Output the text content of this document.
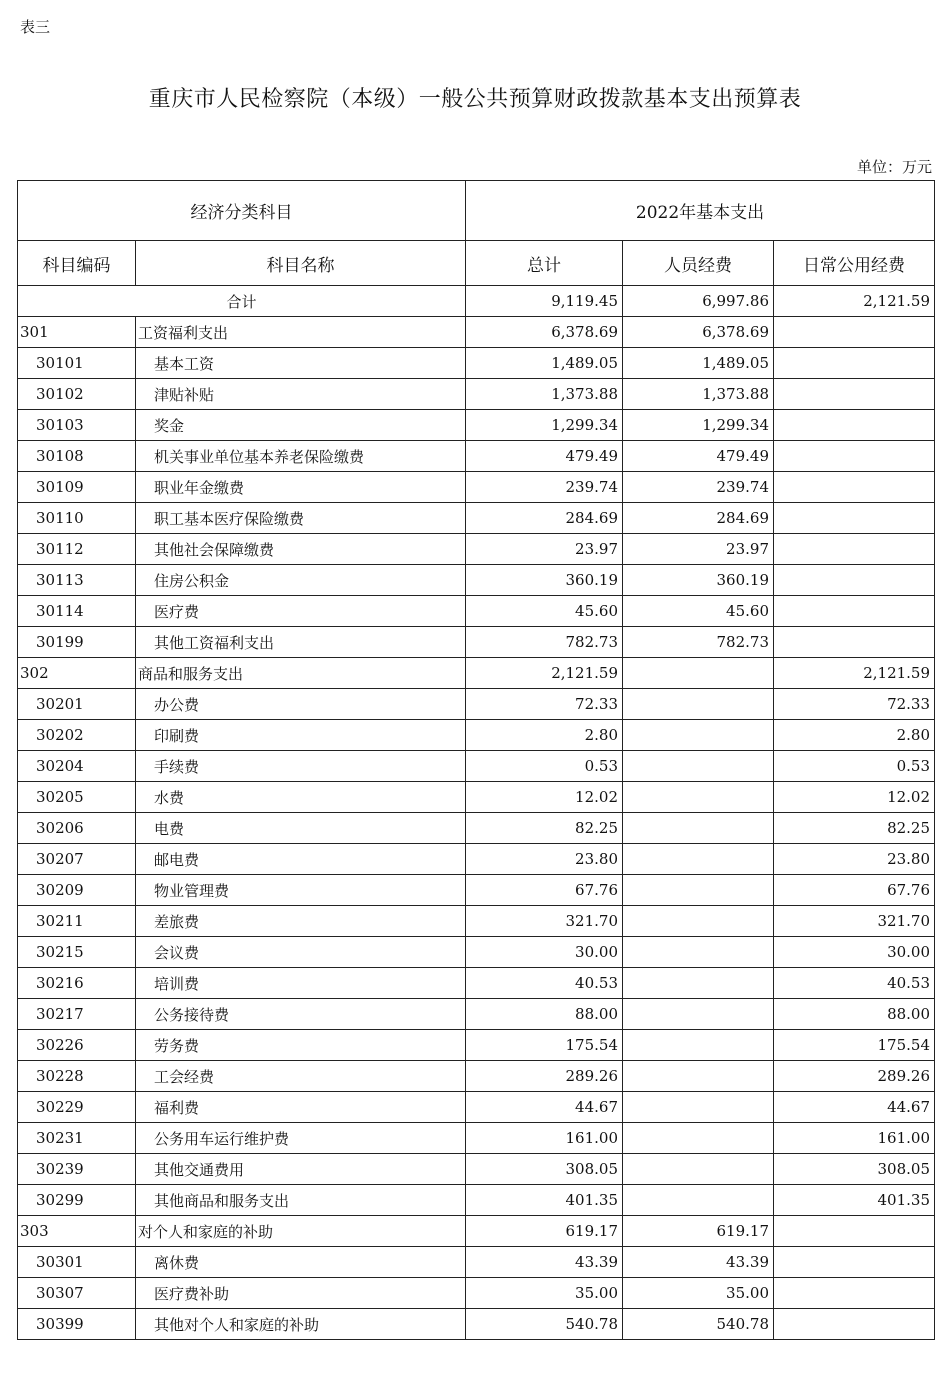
表三
重庆市人民检察院（本级）一般公共预算财政拨款基本支出预算表
单位：万元
经济分类科目		2022年基本支出		
科目编码	科目名称	总计	人员经费	日常公用经费
合计		9,119.45	6,997.86	2,121.59
301	工资福利支出	6,378.69	6,378.69	
30101	基本工资	1,489.05	1,489.05	
30102	津贴补贴	1,373.88	1,373.88	
30103	奖金	1,299.34	1,299.34	
30108	机关事业单位基本养老保险缴费	479.49	479.49	
30109	职业年金缴费	239.74	239.74	
30110	职工基本医疗保险缴费	284.69	284.69	
30112	其他社会保障缴费	23.97	23.97	
30113	住房公积金	360.19	360.19	
30114	医疗费	45.60	45.60	
30199	其他工资福利支出	782.73	782.73	
302	商品和服务支出	2,121.59		2,121.59
30201	办公费	72.33		72.33
30202	印刷费	2.80		2.80
30204	手续费	0.53		0.53
30205	水费	12.02		12.02
30206	电费	82.25		82.25
30207	邮电费	23.80		23.80
30209	物业管理费	67.76		67.76
30211	差旅费	321.70		321.70
30215	会议费	30.00		30.00
30216	培训费	40.53		40.53
30217	公务接待费	88.00		88.00
30226	劳务费	175.54		175.54
30228	工会经费	289.26		289.26
30229	福利费	44.67		44.67
30231	公务用车运行维护费	161.00		161.00
30239	其他交通费用	308.05		308.05
30299	其他商品和服务支出	401.35		401.35
303	对个人和家庭的补助	619.17	619.17	
30301	离休费	43.39	43.39	
30307	医疗费补助	35.00	35.00	
30399	其他对个人和家庭的补助	540.78	540.78	
